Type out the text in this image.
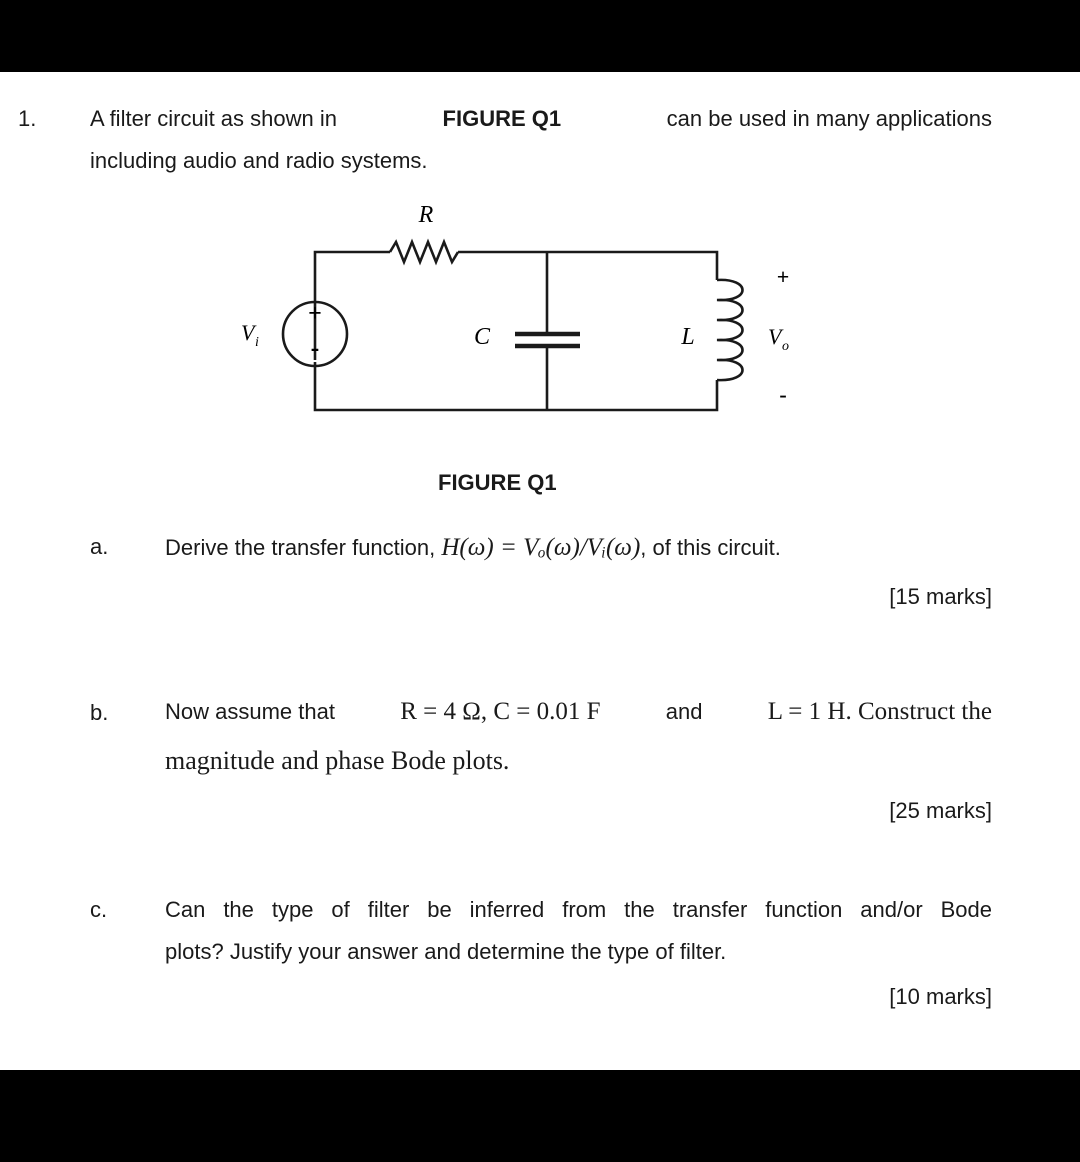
1. A filter circuit as shown in	FIGURE Q1	can be used in many applications
including audio and radio systems.
+
-
R
C	L
V i	V o
+
-
FIGURE Q1
a.	Derive the transfer function, H(ω) = Vₒ(ω)/Vᵢ(ω), of this circuit.
[15 marks]
b.	Now assume that	R = 4 Ω, C = 0.01 F	and	L = 1 H. Construct the
magnitude and phase Bode plots.
[25 marks]
c.	Can the type of filter be inferred from the transfer function and/or Bode
plots? Justify your answer and determine the type of filter.
[10 marks]
